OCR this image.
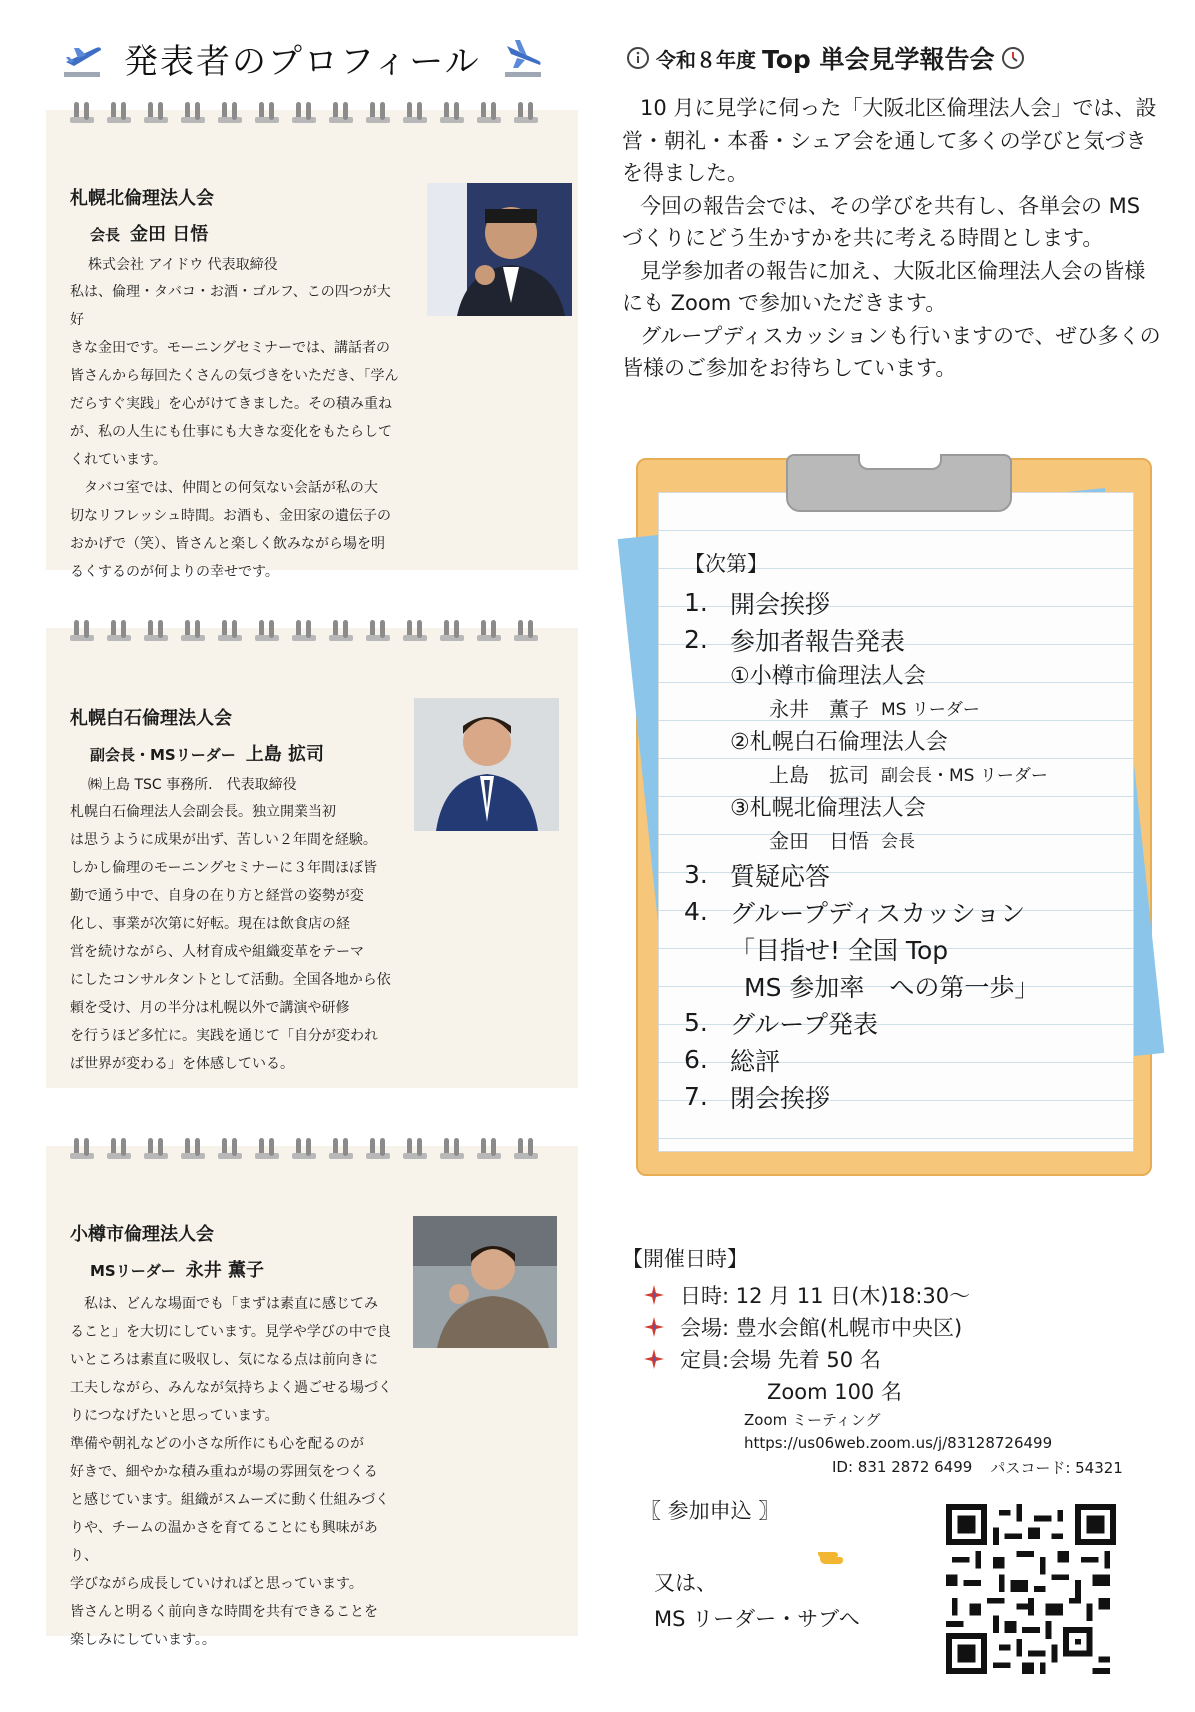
発表者のプロフィール
札幌北倫理法人会
会長 金田 日悟
株式会社 アイドウ 代表取締役
私は、倫理・タバコ・お酒・ゴルフ、この四つが大好
きな金田です。モーニングセミナーでは、講話者の
皆さんから毎回たくさんの気づきをいただき、「学ん
だらすぐ実践」を心がけてきました。その積み重ね
が、私の人生にも仕事にも大きな変化をもたらして
くれています。
　タバコ室では、仲間との何気ない会話が私の大
切なリフレッシュ時間。お酒も、金田家の遺伝子の
おかげで（笑）、皆さんと楽しく飲みながら場を明
るくするのが何よりの幸せです。
札幌白石倫理法人会
副会長・MSリーダー 上島 拡司
㈱上島 TSC 事務所.　代表取締役
札幌白石倫理法人会副会長。独立開業当初
は思うように成果が出ず、苦しい２年間を経験。
しかし倫理のモーニングセミナーに３年間ほぼ皆
勤で通う中で、自身の在り方と経営の姿勢が変
化し、事業が次第に好転。現在は飲食店の経
営を続けながら、人材育成や組織変革をテーマ
にしたコンサルタントとして活動。全国各地から依
頼を受け、月の半分は札幌以外で講演や研修
を行うほど多忙に。実践を通じて「自分が変われ
ば世界が変わる」を体感している。
小樽市倫理法人会
MSリーダー 永井 薫子
　私は、どんな場面でも「まずは素直に感じてみ
ること」を大切にしています。見学や学びの中で良
いところは素直に吸収し、気になる点は前向きに
工夫しながら、みんなが気持ちよく過ごせる場づく
りにつなげたいと思っています。
準備や朝礼などの小さな所作にも心を配るのが
好きで、細やかな積み重ねが場の雰囲気をつくる
と感じています。組織がスムーズに動く仕組みづく
りや、チームの温かさを育てることにも興味があり、
学びながら成長していければと思っています。
皆さんと明るく前向きな時間を共有できることを
楽しみにしています。。
令和８年度 Top 単会見学報告会

10 月に見学に伺った「大阪北区倫理法人会」では、設営・朝礼・本番・シェア会を通して多くの学びと気づきを得ました。

今回の報告会では、その学びを共有し、各単会の MS づくりにどう生かすかを共に考える時間とします。

見学参加者の報告に加え、大阪北区倫理法人会の皆様にも Zoom で参加いただきます。

グループディスカッションも行いますので、ぜひ多くの皆様のご参加をお待ちしています。

【次第】
1. 開会挨拶
2. 参加者報告発表
①小樽市倫理法人会
永井　薫子 MS リーダー
②札幌白石倫理法人会
上島　拡司 副会長・MS リーダー
③札幌北倫理法人会
金田　日悟 会長
3. 質疑応答
4. グループディスカッション
「目指せ! 全国 Top
MS 参加率　への第一歩」
5. グループ発表
6. 総評
7. 閉会挨拶
【開催日時】
日時: 12 月 11 日(木)18:30～
会場: 豊水会館(札幌市中央区)
定員:会場 先着 50 名
Zoom 100 名
Zoom ミーティング
https://us06web.zoom.us/j/83128726499
ID: 831 2872 6499 パスコード: 54321
〖 参加申込 〗
又は、
MS リーダー・サブへ
